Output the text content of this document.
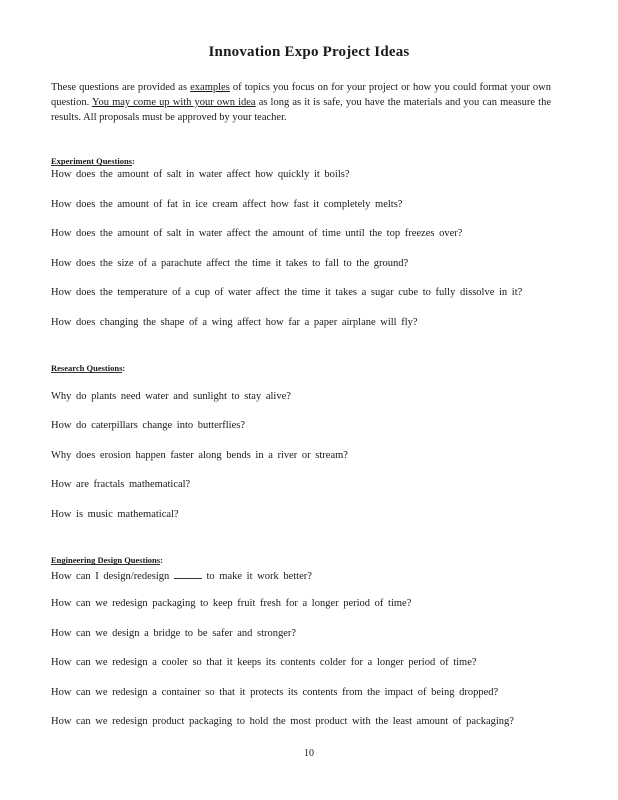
Innovation Expo Project Ideas
These questions are provided as examples of topics you focus on for your project or how you could format your own question. You may come up with your own idea as long as it is safe, you have the materials and you can measure the results. All proposals must be approved by your teacher.
Experiment Questions:
How does the amount of salt in water affect how quickly it boils?
How does the amount of fat in ice cream affect how fast it completely melts?
How does the amount of salt in water affect the amount of time until the top freezes over?
How does the size of a parachute affect the time it takes to fall to the ground?
How does the temperature of a cup of water affect the time it takes a sugar cube to fully dissolve in it?
How does changing the shape of a wing affect how far a paper airplane will fly?
Research Questions:
Why do plants need water and sunlight to stay alive?
How do caterpillars change into butterflies?
Why does erosion happen faster along bends in a river or stream?
How are fractals mathematical?
How is music mathematical?
Engineering Design Questions:
How can I design/redesign	to make it work better?
How can we redesign packaging to keep fruit fresh for a longer period of time?
How can we design a bridge to be safer and stronger?
How can we redesign a cooler so that it keeps its contents colder for a longer period of time?
How can we redesign a container so that it protects its contents from the impact of being dropped?
How can we redesign product packaging to hold the most product with the least amount of packaging?
10
